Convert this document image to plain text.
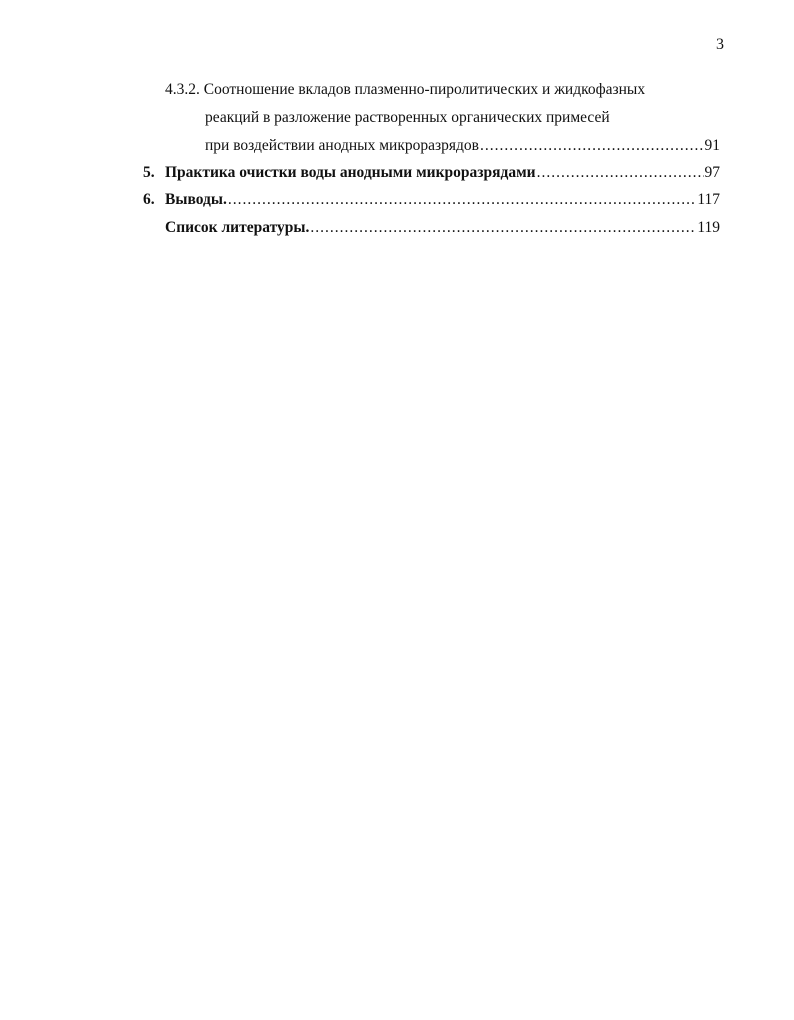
3
4.3.2.
Соотношение вкладов плазменно-пиролитических и жидкофазных
реакций в разложение растворенных органических примесей
при воздействии анодных микроразрядов .....	91
5. Практика очистки воды анодными микроразрядами .....	97
6. Выводы. .....	117
Список литературы. .....	119
